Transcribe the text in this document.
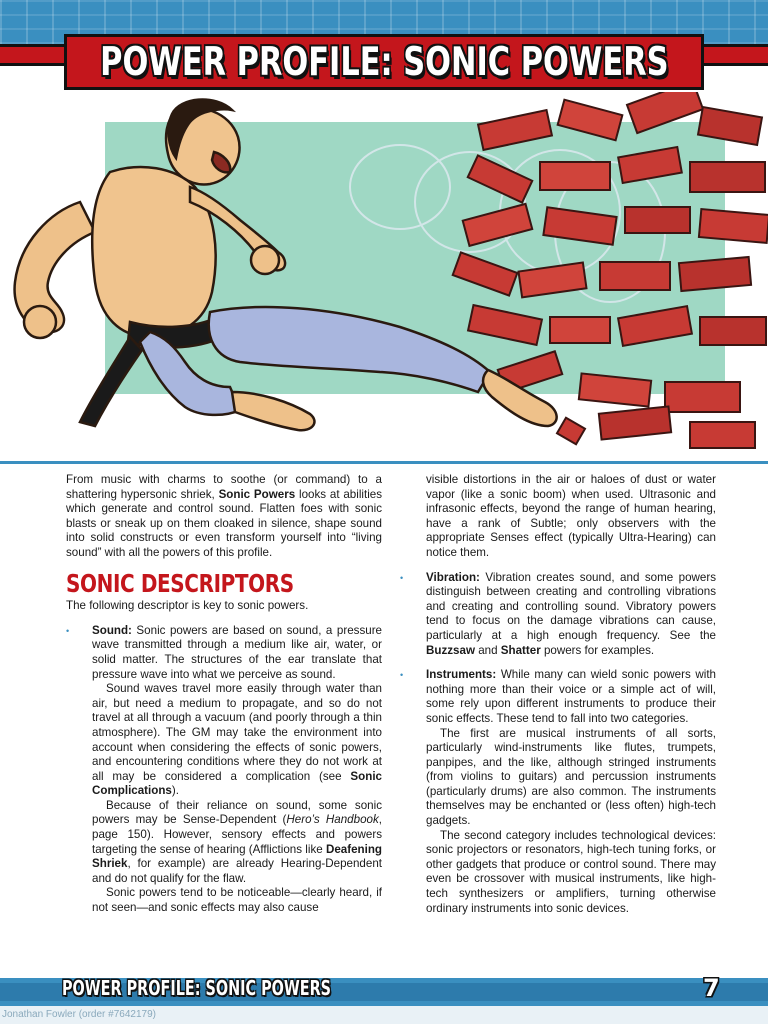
POWER PROFILE: SONIC POWERS

From music with charms to soothe (or command) to a shattering hypersonic shriek, Sonic Powers looks at abilities which generate and control sound. Flatten foes with sonic blasts or sneak up on them cloaked in silence, shape sound into solid constructs or even transform yourself into “living sound” with all the powers of this profile.

SONIC DESCRIPTORS

The following descriptor is key to sonic powers.

• Sound: Sonic powers are based on sound, a pressure wave transmitted through a medium like air, water, or solid matter. The structures of the ear translate that pressure wave into what we perceive as sound.

Sound waves travel more easily through water than air, but need a medium to propagate, and so do not travel at all through a vacuum (and poorly through a thin atmosphere). The GM may take the environment into account when considering the effects of sonic powers, and encountering conditions where they do not work at all may be considered a complication (see Sonic Complications).

Because of their reliance on sound, some sonic powers may be Sense-Dependent (Hero’s Handbook, page 150). However, sensory effects and powers targeting the sense of hearing (Afflictions like Deafening Shriek, for example) are already Hearing-Dependent and do not qualify for the flaw.

Sonic powers tend to be noticeable—clearly heard, if not seen—and sonic effects may also cause

visible distortions in the air or haloes of dust or water vapor (like a sonic boom) when used. Ultrasonic and infrasonic effects, beyond the range of human hearing, have a rank of Subtle; only observers with the appropriate Senses effect (typically Ultra-Hearing) can notice them.

• Vibration: Vibration creates sound, and some powers distinguish between creating and controlling vibrations and creating and controlling sound. Vibratory powers tend to focus on the damage vibrations can cause, particularly at a high enough frequency. See the Buzzsaw and Shatter powers for examples.

• Instruments: While many can wield sonic powers with nothing more than their voice or a simple act of will, some rely upon different instruments to produce their sonic effects. These tend to fall into two categories.

The first are musical instruments of all sorts, particularly wind-instruments like flutes, trumpets, panpipes, and the like, although stringed instruments (from violins to guitars) and percussion instruments (particularly drums) are also common. The instruments themselves may be enchanted or (less often) high-tech gadgets.

The second category includes technological devices: sonic projectors or resonators, high-tech tuning forks, or other gadgets that produce or control sound. There may even be crossover with musical instruments, like high-tech synthesizers or amplifiers, turning otherwise ordinary instruments into sonic devices.

POWER PROFILE: SONIC POWERS	7
Jonathan Fowler (order #7642179)
